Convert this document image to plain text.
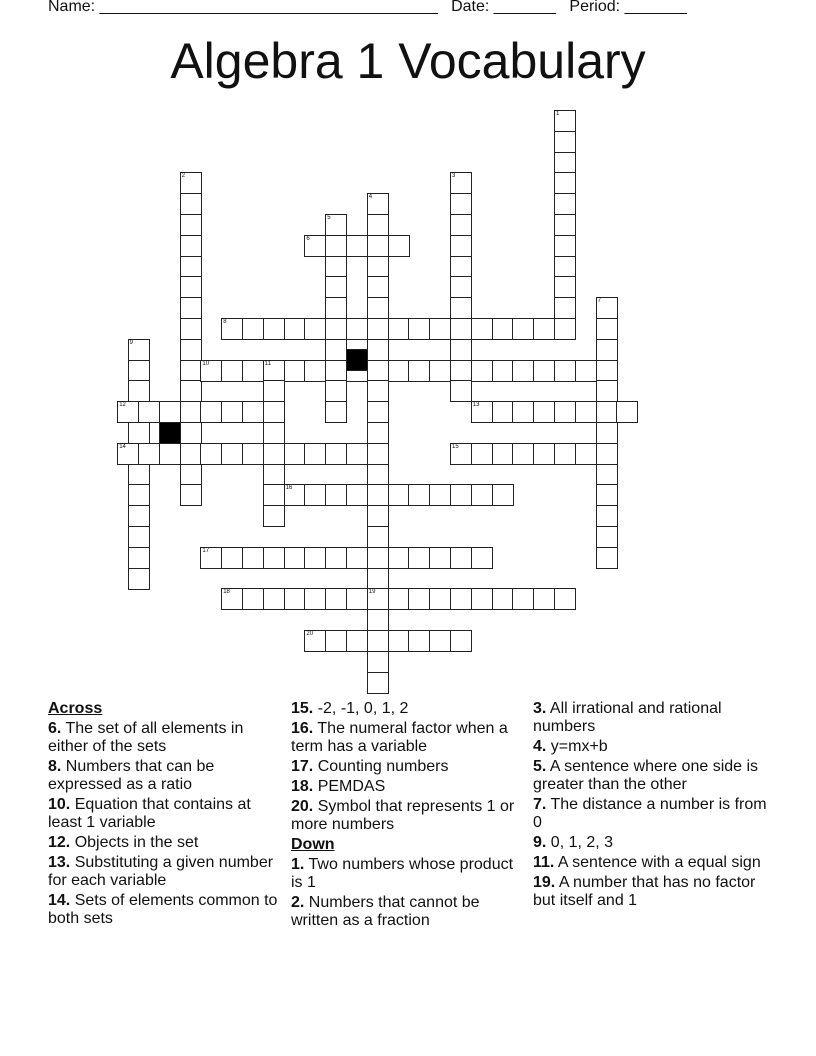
Name: ______________________________________ Date: _______ Period: _______
Algebra 1 Vocabulary
1
2	3
4
19
5
6
7
8
9
10	11
12	13
14	15
16
17
18
20
Across
6. The set of all elements in either of the sets
8. Numbers that can be expressed as a ratio
10. Equation that contains at least 1 variable
12. Objects in the set
13. Substituting a given number for each variable
14. Sets of elements common to both sets
15. -2, -1, 0, 1, 2
16. The numeral factor when a term has a variable
17. Counting numbers
18. PEMDAS
20. Symbol that represents 1 or more numbers
Down
1. Two numbers whose product is 1
2. Numbers that cannot be written as a fraction
3. All irrational and rational numbers
4. y=mx+b
5. A sentence where one side is greater than the other
7. The distance a number is from 0
9. 0, 1, 2, 3
11. A sentence with a equal sign
19. A number that has no factor but itself and 1
